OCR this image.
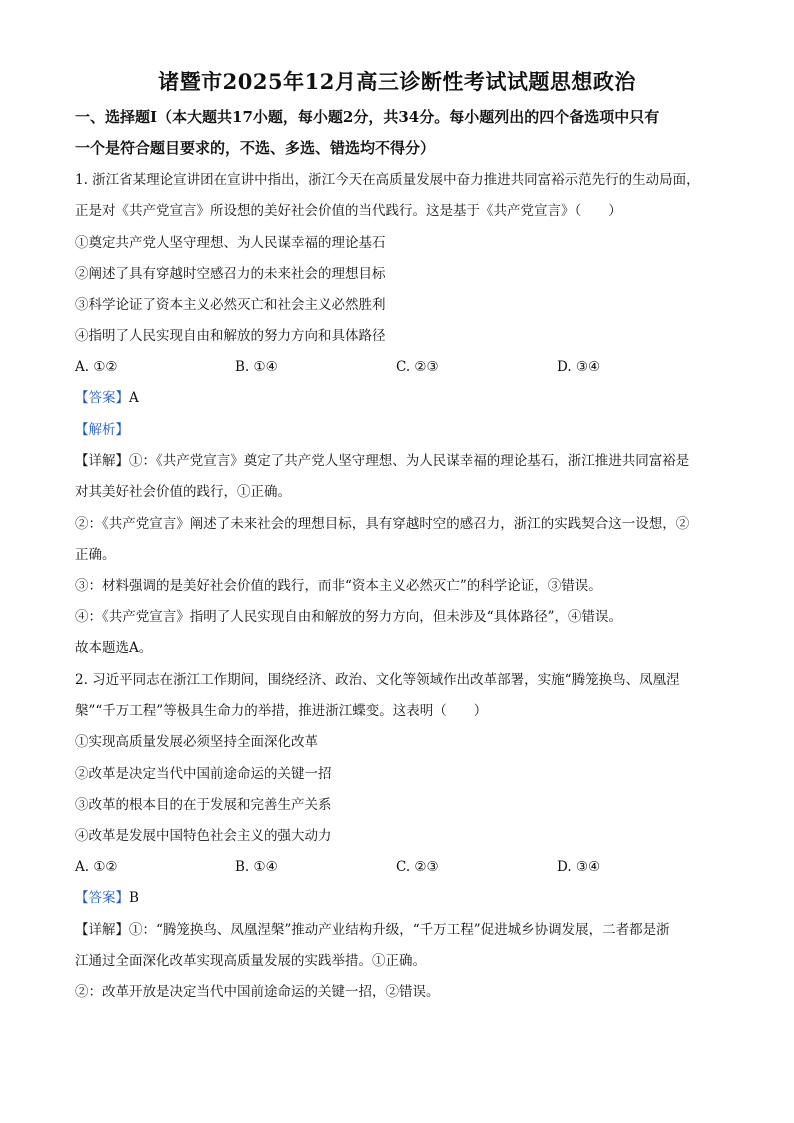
诸暨市2025年12月高三诊断性考试试题思想政治
一、选择题Ⅰ（本大题共17小题，每小题2分，共34分。每小题列出的四个备选项中只有
一个是符合题目要求的，不选、多选、错选均不得分）
1. 浙江省某理论宣讲团在宣讲中指出，浙江今天在高质量发展中奋力推进共同富裕示范先行的生动局面，
正是对《共产党宣言》所设想的美好社会价值的当代践行。这是基于《共产党宣言》（　　）
①奠定共产党人坚守理想、为人民谋幸福的理论基石
②阐述了具有穿越时空感召力的未来社会的理想目标
③科学论证了资本主义必然灭亡和社会主义必然胜利
④指明了人民实现自由和解放的努力方向和具体路径
A. ①②	B. ①④	C. ②③	D. ③④
【答案】A
【解析】
【详解】①：《共产党宣言》奠定了共产党人坚守理想、为人民谋幸福的理论基石，浙江推进共同富裕是
对其美好社会价值的践行，①正确。
②：《共产党宣言》阐述了未来社会的理想目标，具有穿越时空的感召力，浙江的实践契合这一设想，②
正确。
③：材料强调的是美好社会价值的践行，而非“资本主义必然灭亡”的科学论证，③错误。
④：《共产党宣言》指明了人民实现自由和解放的努力方向，但未涉及“具体路径”，④错误。
故本题选A。
2. 习近平同志在浙江工作期间，围绕经济、政治、文化等领域作出改革部署，实施“腾笼换鸟、凤凰涅
槃”“千万工程”等极具生命力的举措，推进浙江蝶变。这表明（　　）
①实现高质量发展必须坚持全面深化改革
②改革是决定当代中国前途命运的关键一招
③改革的根本目的在于发展和完善生产关系
④改革是发展中国特色社会主义的强大动力
A. ①②	B. ①④	C. ②③	D. ③④
【答案】B
【详解】①：“腾笼换鸟、凤凰涅槃”推动产业结构升级，“千万工程”促进城乡协调发展，二者都是浙
江通过全面深化改革实现高质量发展的实践举措。①正确。
②：改革开放是决定当代中国前途命运的关键一招，②错误。
